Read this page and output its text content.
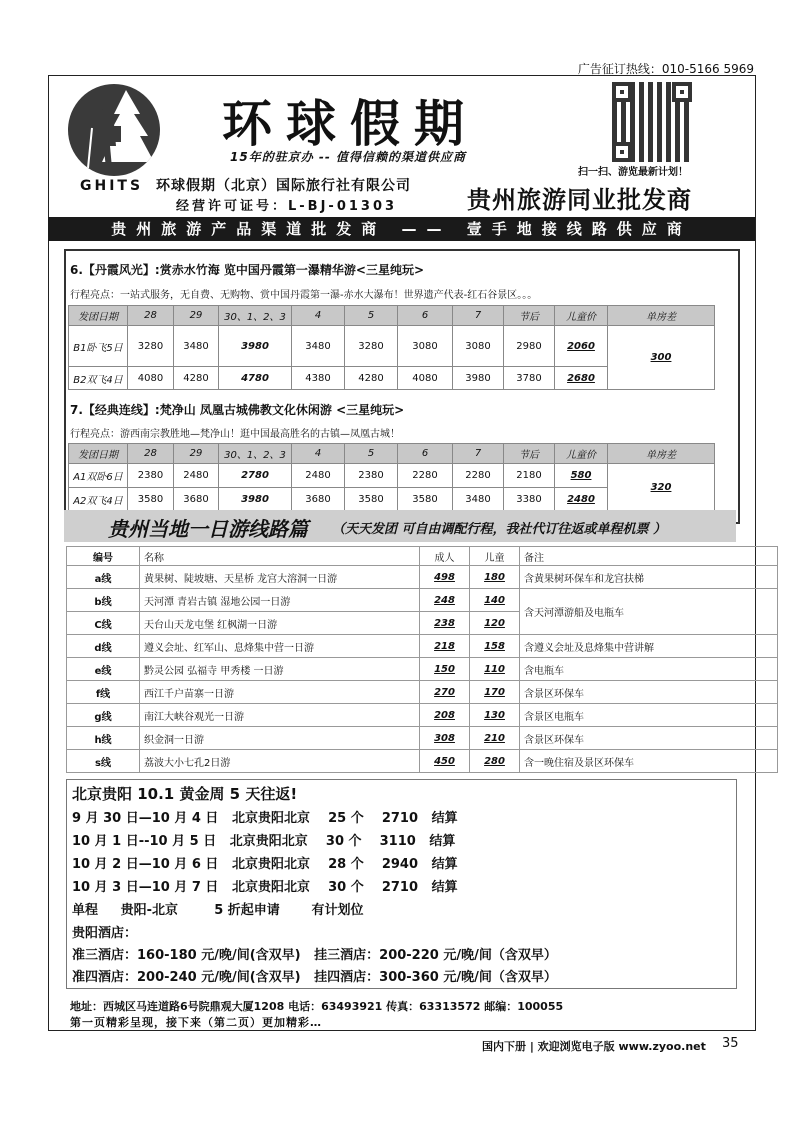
广告征订热线：010-5166 5969
GHITS
环球假期
15年的驻京办 -- 值得信赖的渠道供应商
环球假期（北京）国际旅行社有限公司
经营许可证号：L-BJ-01303
扫一扫、游览最新计划！
贵州旅游同业批发商
贵州旅游产品渠道批发商 —— 壹手地接线路供应商
6.【丹霞风光】:赏赤水竹海 览中国丹霞第一瀑精华游<三星纯玩>
行程亮点：一站式服务，无自费、无购物、赏中国丹霞第一瀑-赤水大瀑布！世界遗产代表-红石谷景区。。。
发团日期	28	29	30、1、2、3	4	5	6	7	节后	儿童价	单房差
B1卧飞5日	3280	3480	3980	3480	3280	3080	3080	2980	2060	300
B2双飞4日	4080	4280	4780	4380	4280	4080	3980	3780	2680	
7.【经典连线】:梵净山 凤凰古城佛教文化休闲游 <三星纯玩>
行程亮点：游西南宗教胜地—梵净山！逛中国最高胜名的古镇—凤凰古城！
发团日期	28	29	30、1、2、3	4	5	6	7	节后	儿童价	单房差
A1双卧6日	2380	2480	2780	2480	2380	2280	2280	2180	580	320
A2双飞4日	3580	3680	3980	3680	3580	3580	3480	3380	2480	
贵州当地一日游线路篇 （天天发团 可自由调配行程，我社代订往返或单程机票 ）
编号	名称	成人	儿童	备注
a线	黄果树、陡坡塘、天星桥 龙宫大溶洞一日游	498	180	含黄果树环保车和龙宫扶梯
b线	天河潭 青岩古镇 湿地公园一日游	248	140	含天河潭游船及电瓶车
C线	天台山天龙屯堡 红枫湖一日游	238	120	
d线	遵义会址、红军山、息烽集中营一日游	218	158	含遵义会址及息烽集中营讲解
e线	黔灵公园 弘福寺 甲秀楼 一日游	150	110	含电瓶车
f线	西江千户苗寨一日游	270	170	含景区环保车
g线	南江大峡谷观光一日游	208	130	含景区电瓶车
h线	织金洞一日游	308	210	含景区环保车
s线	荔波大小七孔2日游	450	280	含一晚住宿及景区环保车
北京贵阳 10.1 黄金周 5 天往返!
9 月 30 日—10 月 4 日   北京贵阳北京    25 个    2710   结算
10 月 1 日--10 月 5 日   北京贵阳北京    30 个    3110   结算
10 月 2 日—10 月 6 日   北京贵阳北京    28 个    2940   结算
10 月 3 日—10 月 7 日   北京贵阳北京    30 个    2710   结算
单程     贵阳-北京        5 折起申请       有计划位
贵阳酒店：
准三酒店：160-180 元/晚/间(含双早)   挂三酒店：200-220 元/晚/间（含双早）
准四酒店：200-240 元/晚/间(含双早)   挂四酒店：300-360 元/晚/间（含双早）
地址：西城区马连道路6号院鼎观大厦1208 电话：63493921 传真：63313572 邮编：100055
第一页精彩呈现，接下来（第二页）更加精彩…
国内下册 | 欢迎浏览电子版 www.zyoo.net 35
